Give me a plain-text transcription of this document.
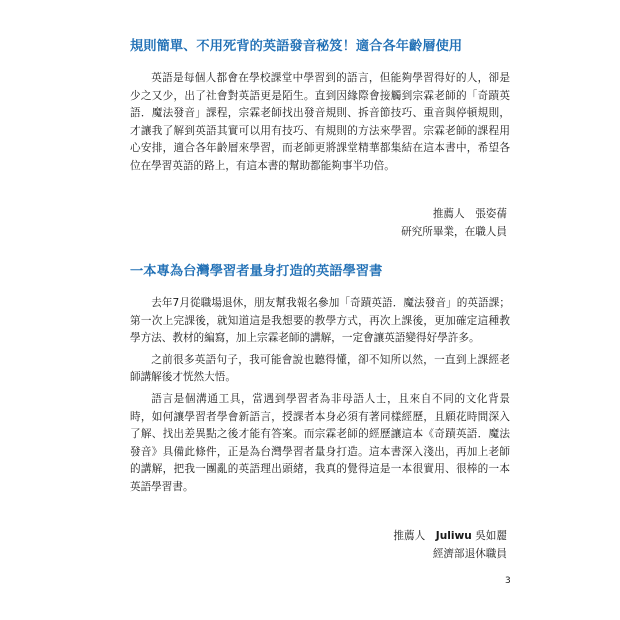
規則簡單、不用死背的英語發音秘笈！適合各年齡層使用

英語是每個人都會在學校課堂中學習到的語言，但能夠學習得好的人，卻是少之又少，出了社會對英語更是陌生。直到因緣際會接觸到宗霖老師的「奇蹟英語．魔法發音」課程，宗霖老師找出發音規則、拆音節技巧、重音與停頓規則，才讓我了解到英語其實可以用有技巧、有規則的方法來學習。宗霖老師的課程用心安排，適合各年齡層來學習，而老師更將課堂精華都集結在這本書中，希望各位在學習英語的路上，有這本書的幫助都能夠事半功倍。

推薦人　張姿蒨
研究所畢業，在職人員
一本專為台灣學習者量身打造的英語學習書

去年7月從職場退休，朋友幫我報名參加「奇蹟英語．魔法發音」的英語課；第一次上完課後，就知道這是我想要的教學方式，再次上課後，更加確定這種教學方法、教材的編寫，加上宗霖老師的講解，一定會讓英語變得好學許多。

之前很多英語句子，我可能會說也聽得懂，卻不知所以然，一直到上課經老師講解後才恍然大悟。

語言是個溝通工具，當遇到學習者為非母語人士，且來自不同的文化背景時，如何讓學習者學會新語言，授課者本身必須有著同樣經歷，且願花時間深入了解、找出差異點之後才能有答案。而宗霖老師的經歷讓這本《奇蹟英語．魔法發音》具備此條件，正是為台灣學習者量身打造。這本書深入淺出，再加上老師的講解，把我一團亂的英語理出頭緒，我真的覺得這是一本很實用、很棒的一本英語學習書。

推薦人　Juliwu 吳如麗
經濟部退休職員
3
